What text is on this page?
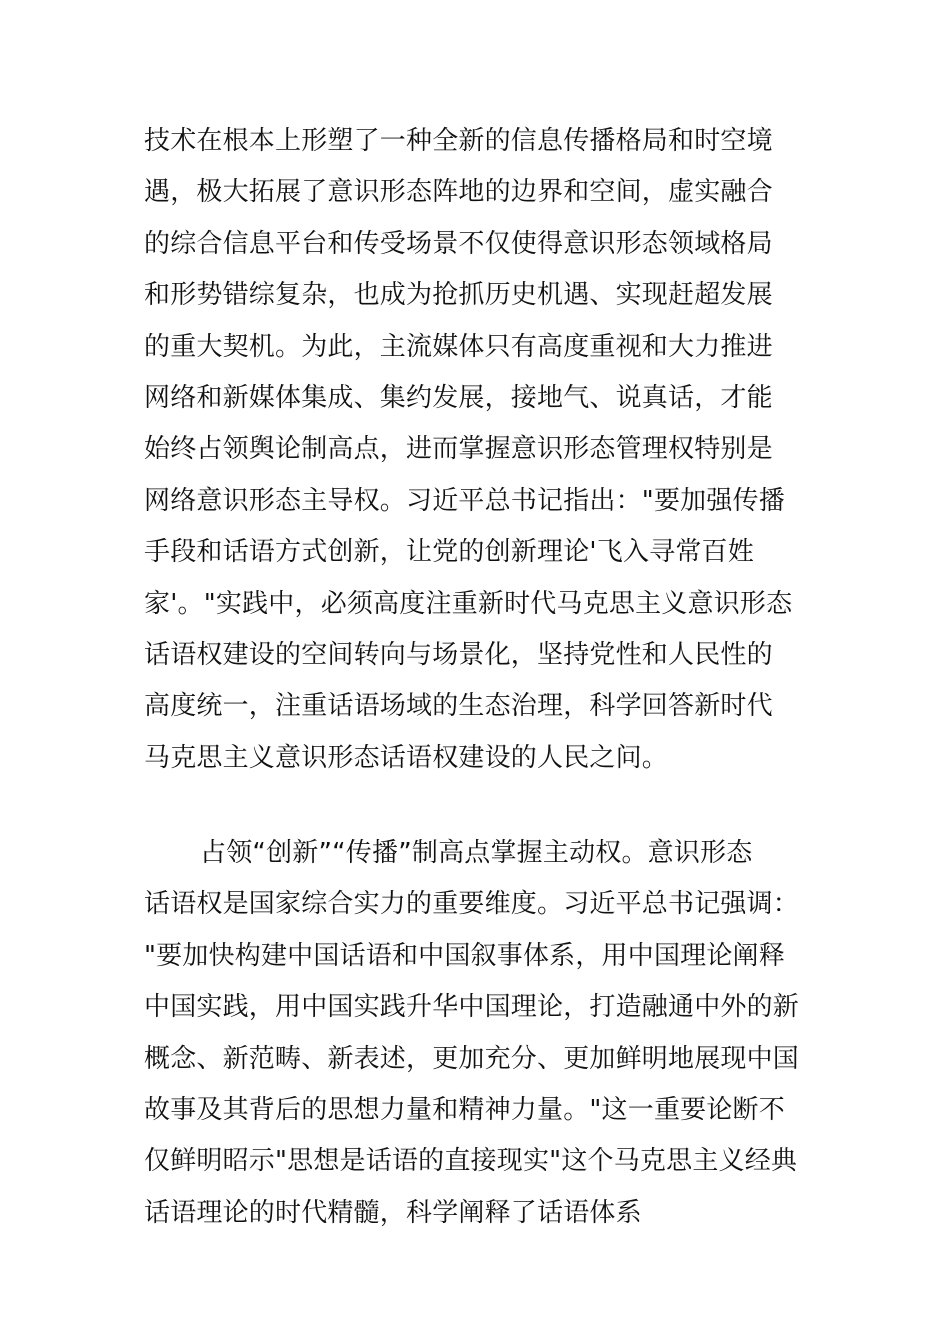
技术在根本上形塑了一种全新的信息传播格局和时空境
遇，极大拓展了意识形态阵地的边界和空间，虚实融合
的综合信息平台和传受场景不仅使得意识形态领域格局
和形势错综复杂，也成为抢抓历史机遇、实现赶超发展
的重大契机。为此，主流媒体只有高度重视和大力推进
网络和新媒体集成、集约发展，接地气、说真话，才能
始终占领舆论制高点，进而掌握意识形态管理权特别是
网络意识形态主导权。习近平总书记指出："要加强传播
手段和话语方式创新，让党的创新理论'飞入寻常百姓
家'。"实践中，必须高度注重新时代马克思主义意识形态
话语权建设的空间转向与场景化，坚持党性和人民性的
高度统一，注重话语场域的生态治理，科学回答新时代
马克思主义意识形态话语权建设的人民之问。
占领“创新”“传播”制高点掌握主动权。意识形态
话语权是国家综合实力的重要维度。习近平总书记强调：
"要加快构建中国话语和中国叙事体系，用中国理论阐释
中国实践，用中国实践升华中国理论，打造融通中外的新
概念、新范畴、新表述，更加充分、更加鲜明地展现中国
故事及其背后的思想力量和精神力量。"这一重要论断不
仅鲜明昭示"思想是话语的直接现实"这个马克思主义经典
话语理论的时代精髓，科学阐释了话语体系
